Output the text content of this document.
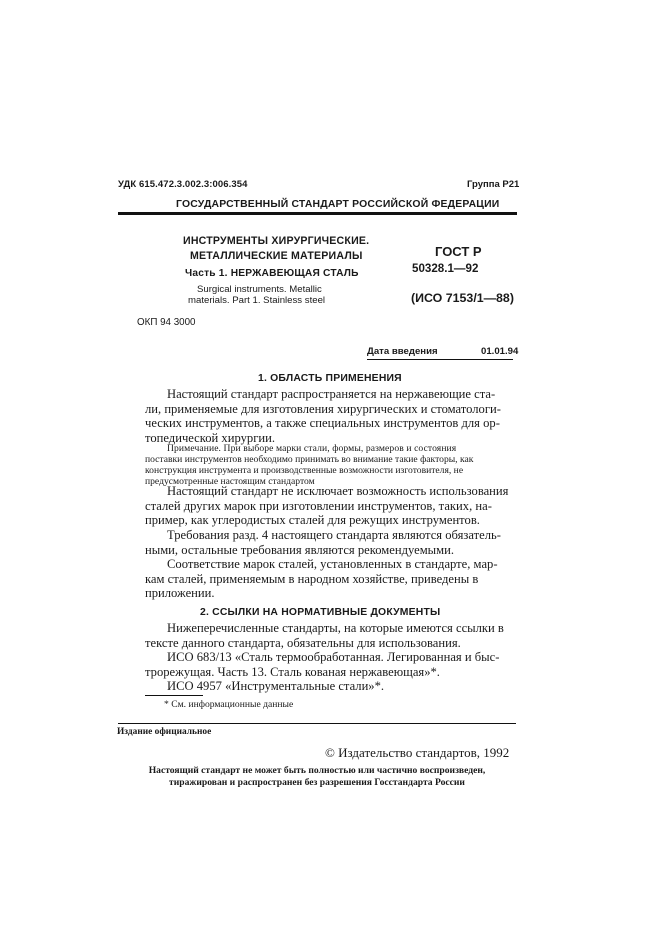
УДК 615.472.3.002.3:006.354	Группа Р21
ГОСУДАРСТВЕННЫЙ СТАНДАРТ РОССИЙСКОЙ ФЕДЕРАЦИИ
ИНСТРУМЕНТЫ ХИРУРГИЧЕСКИЕ.
МЕТАЛЛИЧЕСКИЕ МАТЕРИАЛЫ
Часть 1. НЕРЖАВЕЮЩАЯ СТАЛЬ
Surgical instruments. Metallic
materials. Part 1. Stainless steel
ГОСТ Р
50328.1—92
(ИСО 7153/1—88)
ОКП 94 3000
Дата введения	01.01.94
1. ОБЛАСТЬ ПРИМЕНЕНИЯ
Настоящий стандарт распространяется на нержавеющие ста-
ли, применяемые для изготовления хирургических и стоматологи-
ческих инструментов, а также специальных инструментов для ор-
топедической хирургии.
Примечание. При выборе марки стали, формы, размеров и состояния
поставки инструментов необходимо принимать во внимание такие факторы, как
конструкция инструмента и производственные возможности изготовителя, не
предусмотренные настоящим стандартом
Настоящий стандарт не исключает возможность использования
сталей других марок при изготовлении инструментов, таких, на-
пример, как углеродистых сталей для режущих инструментов.
Требования разд. 4 настоящего стандарта являются обязатель-
ными, остальные требования являются рекомендуемыми.
Соответствие марок сталей, установленных в стандарте, мар-
кам сталей, применяемым в народном хозяйстве, приведены в
приложении.
2. ССЫЛКИ НА НОРМАТИВНЫЕ ДОКУМЕНТЫ
Нижеперечисленные стандарты, на которые имеются ссылки в
тексте данного стандарта, обязательны для использования.
ИСО 683/13 «Сталь термообработанная. Легированная и быс-
трорежущая. Часть 13. Сталь кованая нержавеющая»*.
ИСО 4957 «Инструментальные стали»*.
* См. информационные данные
Издание официальное
© Издательство стандартов, 1992
Настоящий стандарт не может быть полностью или частично воспроизведен,
тиражирован и распространен без разрешения Госстандарта России
